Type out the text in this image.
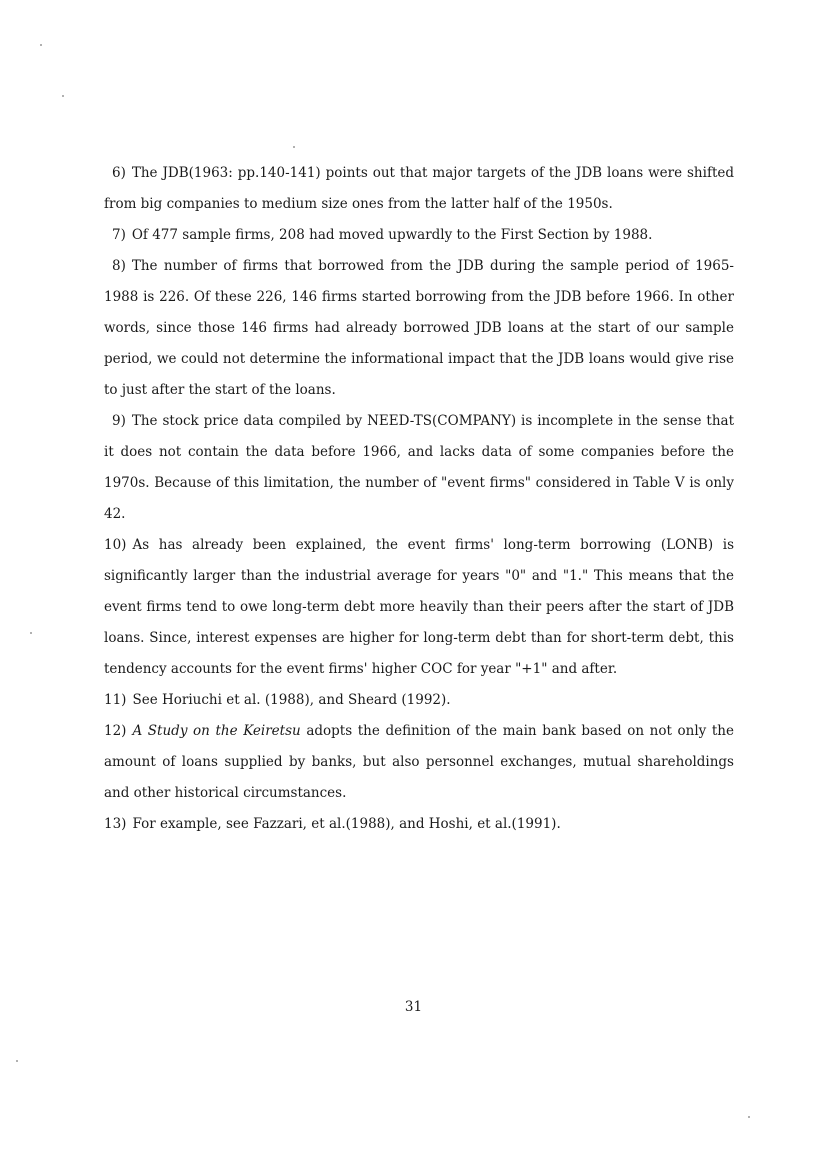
6) The JDB(1963: pp.140-141) points out that major targets of the JDB loans were shifted from big companies to medium size ones from the latter half of the 1950s.

7) Of 477 sample firms, 208 had moved upwardly to the First Section by 1988.

8) The number of firms that borrowed from the JDB during the sample period of 1965-1988 is 226. Of these 226, 146 firms started borrowing from the JDB before 1966. In other words, since those 146 firms had already borrowed JDB loans at the start of our sample period, we could not determine the informational impact that the JDB loans would give rise to just after the start of the loans.

9) The stock price data compiled by NEED-TS(COMPANY) is incomplete in the sense that it does not contain the data before 1966, and lacks data of some companies before the 1970s. Because of this limitation, the number of "event firms" considered in Table V is only 42.

10) As has already been explained, the event firms' long-term borrowing (LONB) is significantly larger than the industrial average for years "0" and "1." This means that the event firms tend to owe long-term debt more heavily than their peers after the start of JDB loans. Since, interest expenses are higher for long-term debt than for short-term debt, this tendency accounts for the event firms' higher COC for year "+1" and after.

11) See Horiuchi et al. (1988), and Sheard (1992).

12) A Study on the Keiretsu adopts the definition of the main bank based on not only the amount of loans supplied by banks, but also personnel exchanges, mutual shareholdings and other historical circumstances.

13) For example, see Fazzari, et al.(1988), and Hoshi, et al.(1991).

31
